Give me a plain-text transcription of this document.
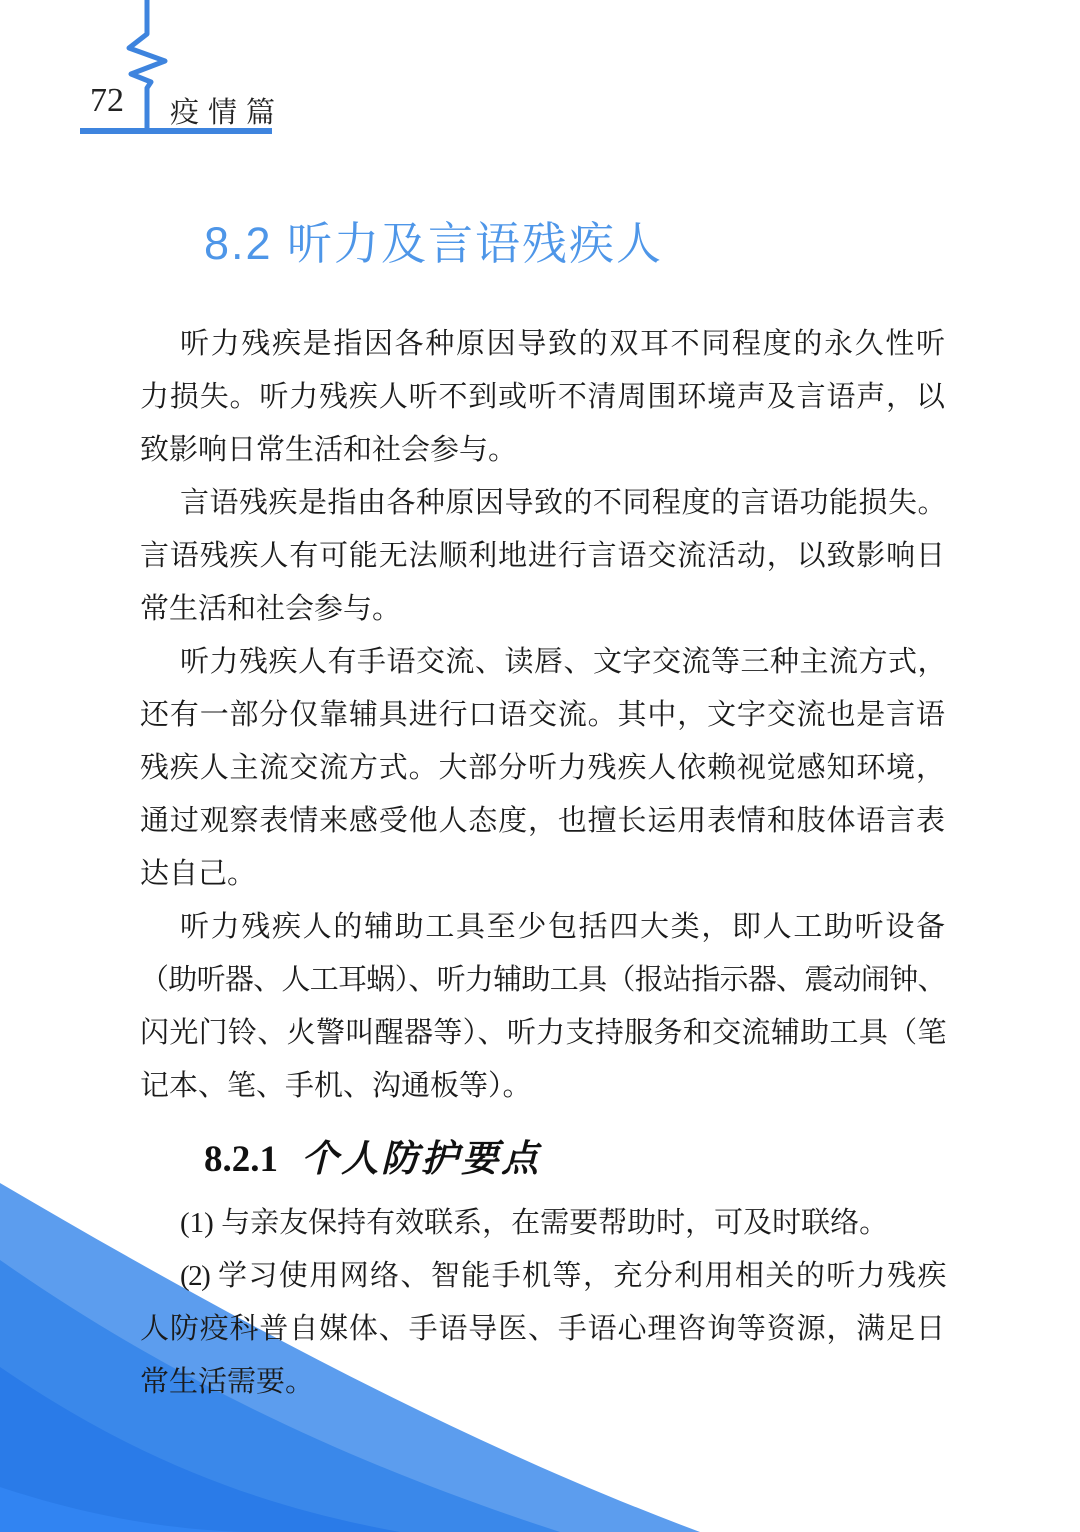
72 疫情篇
8.2 听力及言语残疾人
听力残疾是指因各种原因导致的双耳不同程度的永久性听
力损失。听力残疾人听不到或听不清周围环境声及言语声，以
致影响日常生活和社会参与。
言语残疾是指由各种原因导致的不同程度的言语功能损失。
言语残疾人有可能无法顺利地进行言语交流活动，以致影响日
常生活和社会参与。
听力残疾人有手语交流、读唇、文字交流等三种主流方式，
还有一部分仅靠辅具进行口语交流。其中，文字交流也是言语
残疾人主流交流方式。大部分听力残疾人依赖视觉感知环境，
通过观察表情来感受他人态度，也擅长运用表情和肢体语言表
达自己。
听力残疾人的辅助工具至少包括四大类，即人工助听设备
（助听器、人工耳蜗）、听力辅助工具（报站指示器、震动闹钟、
闪光门铃、火警叫醒器等）、听力支持服务和交流辅助工具（笔
记本、笔、手机、沟通板等）。
8.2.1 个人防护要点
(1) 与亲友保持有效联系，在需要帮助时，可及时联络。
(2) 学习使用网络、智能手机等，充分利用相关的听力残疾
人防疫科普自媒体、手语导医、手语心理咨询等资源，满足日
常生活需要。
